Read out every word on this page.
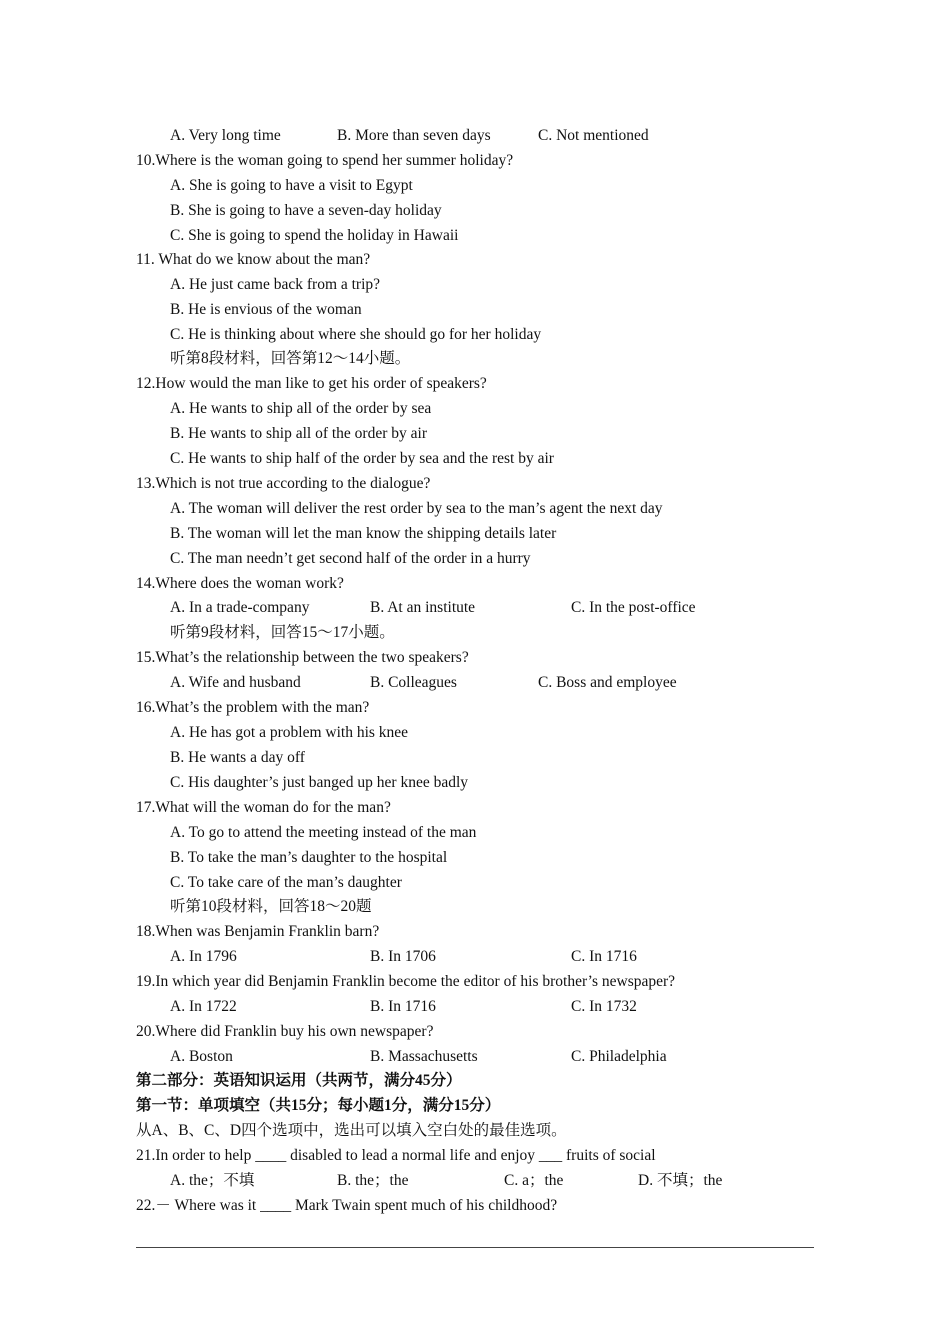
A. Very long time	B. More than seven days	C. Not mentioned
10.Where is the woman going to spend her summer holiday?
A. She is going to have a visit to Egypt
B. She is going to have a seven-day holiday
C. She is going to spend the holiday in Hawaii
11. What do we know about the man?
A. He just came back from a trip?
B. He is envious of the woman
C. He is thinking about where she should go for her holiday
听第8段材料，回答第12～14小题。
12.How would the man like to get his order of speakers?
A. He wants to ship all of the order by sea
B. He wants to ship all of the order by air
C. He wants to ship half of the order by sea and the rest by air
13.Which is not true according to the dialogue?
A. The woman will deliver the rest order by sea to the man’s agent the next day
B. The woman will let the man know the shipping details later
C. The man needn’t get second half of the order in a hurry
14.Where does the woman work?
A. In a trade-company	B. At an institute	C. In the post-office
听第9段材料，回答15～17小题。
15.What’s the relationship between the two speakers?
A. Wife and husband	B. Colleagues	C. Boss and employee
16.What’s the problem with the man?
A. He has got a problem with his knee
B. He wants a day off
C. His daughter’s just banged up her knee badly
17.What will the woman do for the man?
A. To go to attend the meeting instead of the man
B. To take the man’s daughter to the hospital
C. To take care of the man’s daughter
听第10段材料，回答18～20题
18.When was Benjamin Franklin barn?
A. In 1796	B. In 1706	C. In 1716
19.In which year did Benjamin Franklin become the editor of his brother’s newspaper?
A. In 1722	B. In 1716	C. In 1732
20.Where did Franklin buy his own newspaper?
A. Boston	B. Massachusetts	C. Philadelphia
第二部分：英语知识运用（共两节，满分45分）
第一节：单项填空（共15分；每小题1分，满分15分）
从A、B、C、D四个选项中，选出可以填入空白处的最佳选项。
21.In order to help ____ disabled to lead a normal life and enjoy ___ fruits of social
A. the；不填	B. the；the	C. a；the	D. 不填；the
22.－ Where was it ____ Mark Twain spent much of his childhood?
